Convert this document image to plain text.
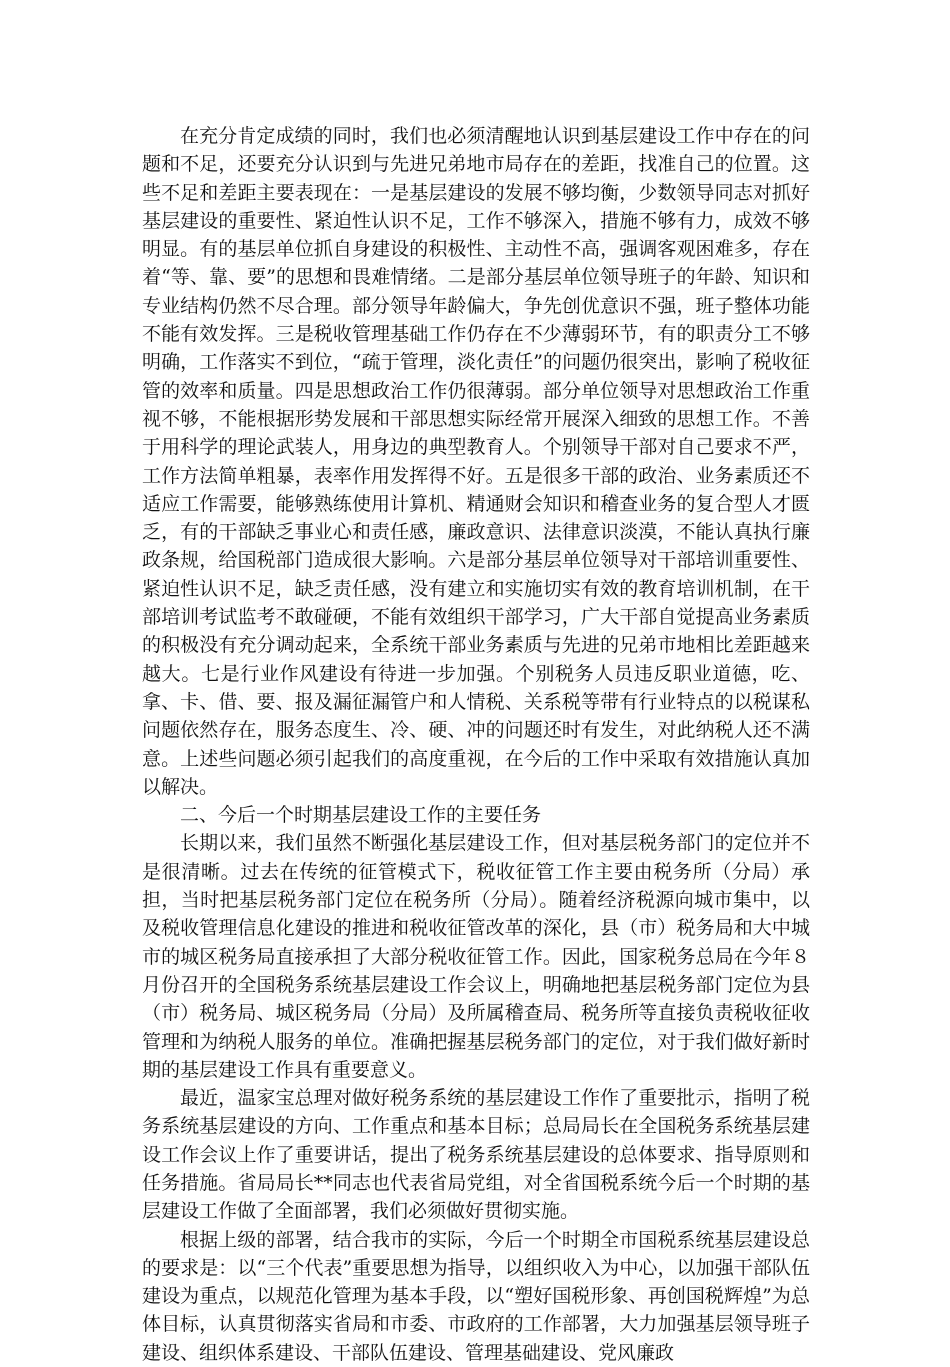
在充分肯定成绩的同时，我们也必须清醒地认识到基层建设工作中存在的问题和不足，还要充分认识到与先进兄弟地市局存在的差距，找准自己的位置。这些不足和差距主要表现在：一是基层建设的发展不够均衡，少数领导同志对抓好基层建设的重要性、紧迫性认识不足，工作不够深入，措施不够有力，成效不够明显。有的基层单位抓自身建设的积极性、主动性不高，强调客观困难多，存在着“等、靠、要”的思想和畏难情绪。二是部分基层单位领导班子的年龄、知识和专业结构仍然不尽合理。部分领导年龄偏大，争先创优意识不强，班子整体功能不能有效发挥。三是税收管理基础工作仍存在不少薄弱环节，有的职责分工不够明确，工作落实不到位，“疏于管理，淡化责任”的问题仍很突出，影响了税收征管的效率和质量。四是思想政治工作仍很薄弱。部分单位领导对思想政治工作重视不够，不能根据形势发展和干部思想实际经常开展深入细致的思想工作。不善于用科学的理论武装人，用身边的典型教育人。个别领导干部对自己要求不严，工作方法简单粗暴，表率作用发挥得不好。五是很多干部的政治、业务素质还不适应工作需要，能够熟练使用计算机、精通财会知识和稽查业务的复合型人才匮乏，有的干部缺乏事业心和责任感，廉政意识、法律意识淡漠，不能认真执行廉政条规，给国税部门造成很大影响。六是部分基层单位领导对干部培训重要性、紧迫性认识不足，缺乏责任感，没有建立和实施切实有效的教育培训机制，在干部培训考试监考不敢碰硬，不能有效组织干部学习，广大干部自觉提高业务素质的积极没有充分调动起来，全系统干部业务素质与先进的兄弟市地相比差距越来越大。七是行业作风建设有待进一步加强。个别税务人员违反职业道德，吃、拿、卡、借、要、报及漏征漏管户和人情税、关系税等带有行业特点的以税谋私问题依然存在，服务态度生、冷、硬、冲的问题还时有发生，对此纳税人还不满意。上述些问题必须引起我们的高度重视，在今后的工作中采取有效措施认真加以解决。

二、今后一个时期基层建设工作的主要任务

长期以来，我们虽然不断强化基层建设工作，但对基层税务部门的定位并不是很清晰。过去在传统的征管模式下，税收征管工作主要由税务所（分局）承担，当时把基层税务部门定位在税务所（分局）。随着经济税源向城市集中，以及税收管理信息化建设的推进和税收征管改革的深化，县（市）税务局和大中城市的城区税务局直接承担了大部分税收征管工作。因此，国家税务总局在今年８月份召开的全国税务系统基层建设工作会议上，明确地把基层税务部门定位为县（市）税务局、城区税务局（分局）及所属稽查局、税务所等直接负责税收征收管理和为纳税人服务的单位。准确把握基层税务部门的定位，对于我们做好新时期的基层建设工作具有重要意义。

最近，温家宝总理对做好税务系统的基层建设工作作了重要批示，指明了税务系统基层建设的方向、工作重点和基本目标；总局局长在全国税务系统基层建设工作会议上作了重要讲话，提出了税务系统基层建设的总体要求、指导原则和任务措施。省局局长**同志也代表省局党组，对全省国税系统今后一个时期的基层建设工作做了全面部署，我们必须做好贯彻实施。

根据上级的部署，结合我市的实际，今后一个时期全市国税系统基层建设总的要求是：以“三个代表”重要思想为指导，以组织收入为中心，以加强干部队伍建设为重点，以规范化管理为基本手段，以“塑好国税形象、再创国税辉煌”为总体目标，认真贯彻落实省局和市委、市政府的工作部署，大力加强基层领导班子建设、组织体系建设、干部队伍建设、管理基础建设、党风廉政
